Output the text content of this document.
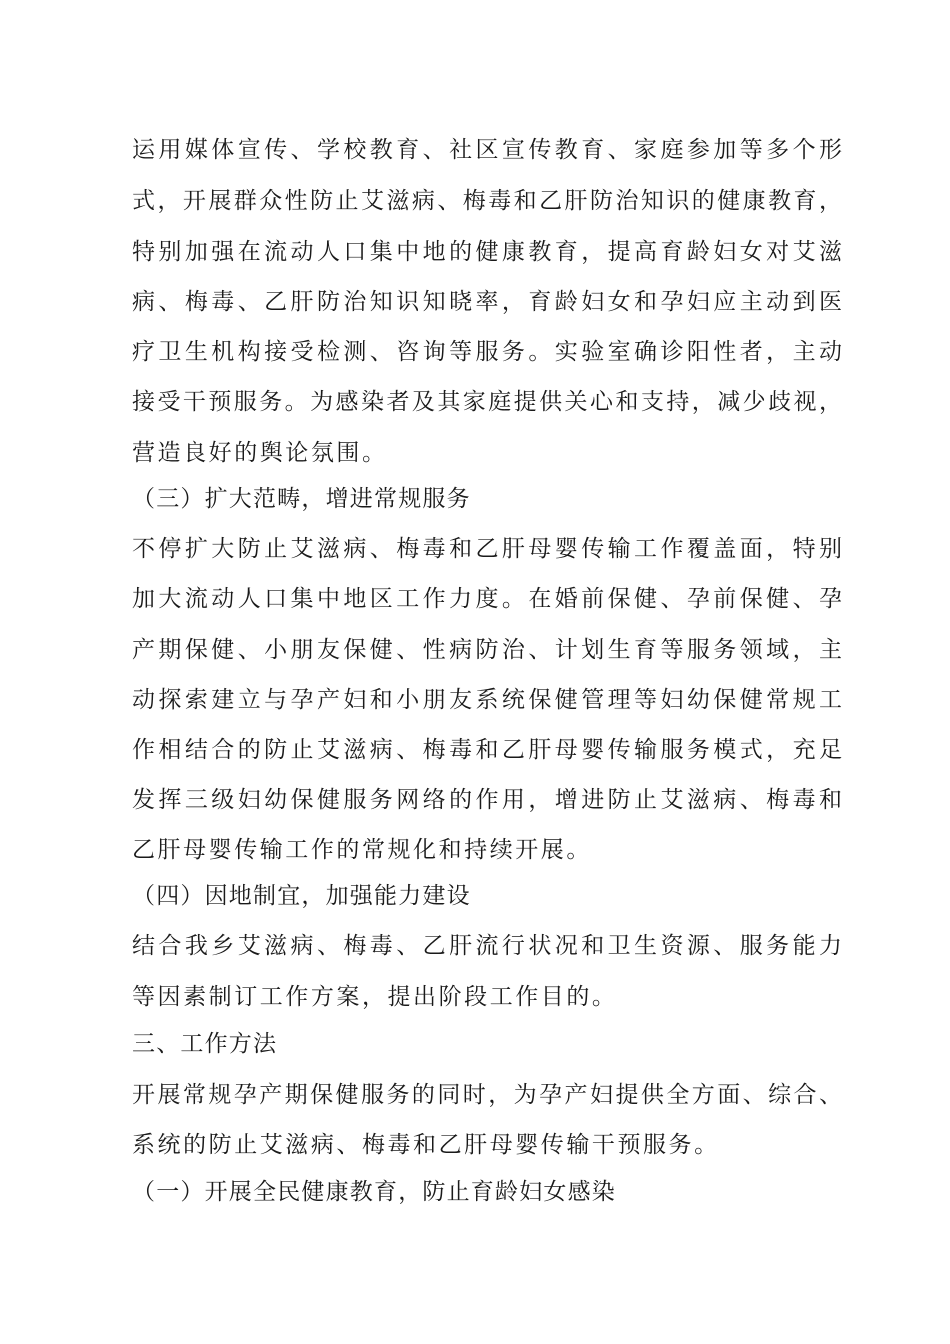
运用媒体宣传、学校教育、社区宣传教育、家庭参加等多个形
式，开展群众性防止艾滋病、梅毒和乙肝防治知识的健康教育，
特别加强在流动人口集中地的健康教育，提高育龄妇女对艾滋
病、梅毒、乙肝防治知识知晓率，育龄妇女和孕妇应主动到医
疗卫生机构接受检测、咨询等服务。实验室确诊阳性者，主动
接受干预服务。为感染者及其家庭提供关心和支持，减少歧视，
营造良好的舆论氛围。
（三）扩大范畴，增进常规服务
不停扩大防止艾滋病、梅毒和乙肝母婴传输工作覆盖面，特别
加大流动人口集中地区工作力度。在婚前保健、孕前保健、孕
产期保健、小朋友保健、性病防治、计划生育等服务领域，主
动探索建立与孕产妇和小朋友系统保健管理等妇幼保健常规工
作相结合的防止艾滋病、梅毒和乙肝母婴传输服务模式，充足
发挥三级妇幼保健服务网络的作用，增进防止艾滋病、梅毒和
乙肝母婴传输工作的常规化和持续开展。
（四）因地制宜，加强能力建设
结合我乡艾滋病、梅毒、乙肝流行状况和卫生资源、服务能力
等因素制订工作方案，提出阶段工作目的。
三、工作方法
开展常规孕产期保健服务的同时，为孕产妇提供全方面、综合、
系统的防止艾滋病、梅毒和乙肝母婴传输干预服务。
（一）开展全民健康教育，防止育龄妇女感染
